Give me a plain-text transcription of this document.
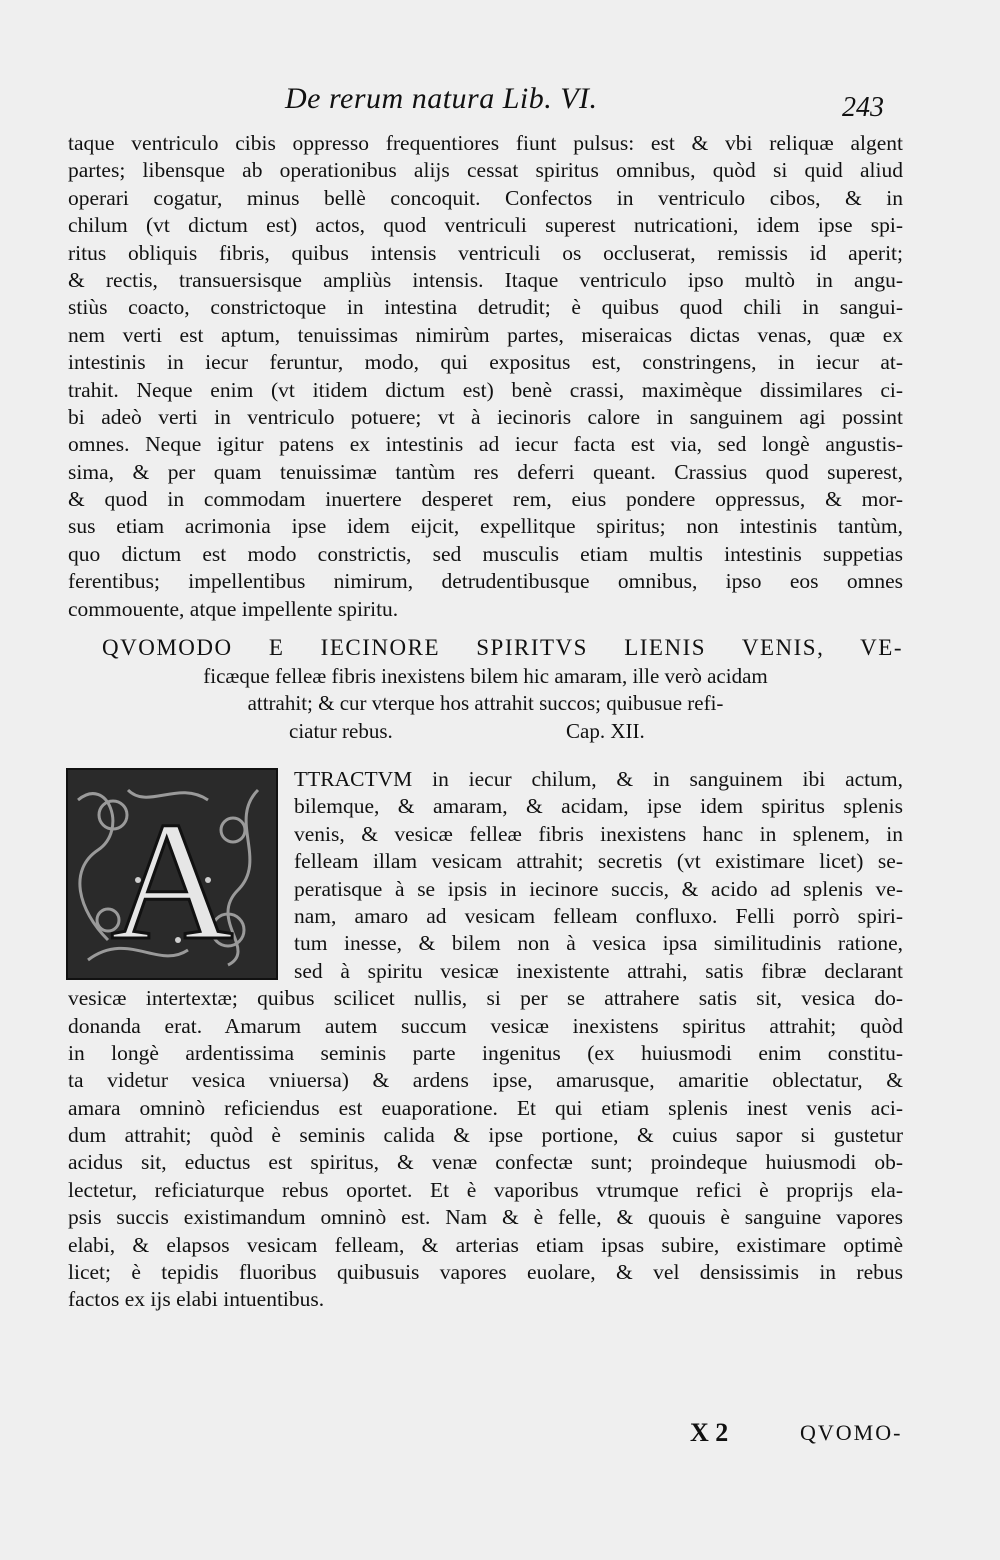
De rerum natura Lib. VI.	243
taque ventriculo cibis oppresso frequentiores fiunt pulsus: est & vbi reliquæ algent
partes; libensque ab operationibus alijs cessat spiritus omnibus, quòd si quid aliud
operari cogatur, minus bellè concoquit. Confectos in ventriculo cibos, & in
chilum (vt dictum est) actos, quod ventriculi superest nutricationi, idem ipse spi-
ritus obliquis fibris, quibus intensis ventriculi os occluserat, remissis id aperit;
& rectis, transuersisque ampliùs intensis. Itaque ventriculo ipso multò in angu-
stiùs coacto, constrictoque in intestina detrudit; è quibus quod chili in sangui-
nem verti est aptum, tenuissimas nimirùm partes, miseraicas dictas venas, quæ ex
intestinis in iecur feruntur, modo, qui expositus est, constringens, in iecur at-
trahit. Neque enim (vt itidem dictum est) benè crassi, maximèque dissimilares ci-
bi adeò verti in ventriculo potuere; vt à iecinoris calore in sanguinem agi possint
omnes. Neque igitur patens ex intestinis ad iecur facta est via, sed longè angustis-
sima, & per quam tenuissimæ tantùm res deferri queant. Crassius quod superest,
& quod in commodam inuertere desperet rem, eius pondere oppressus, & mor-
sus etiam acrimonia ipse idem eijcit, expellitque spiritus; non intestinis tantùm,
quo dictum est modo constrictis, sed musculis etiam multis intestinis suppetias
ferentibus; impellentibus nimirum, detrudentibusque omnibus, ipso eos omnes
commouente, atque impellente spiritu.
QVOMODO E IECINORE SPIRITVS LIENIS VENIS, VE-
ficæque felleæ fibris inexistens bilem hic amaram, ille verò acidam
attrahit; & cur vterque hos attrahit succos; quibusue refi-
ciatur rebus.	Cap. XII.
A
TTRACTVM in iecur chilum, & in sanguinem ibi actum,
bilemque, & amaram, & acidam, ipse idem spiritus splenis
venis, & vesicæ felleæ fibris inexistens hanc in splenem, in
felleam illam vesicam attrahit; secretis (vt existimare licet) se-
peratisque à se ipsis in iecinore succis, & acido ad splenis ve-
nam, amaro ad vesicam felleam confluxo. Felli porrò spiri-
tum inesse, & bilem non à vesica ipsa similitudinis ratione,
sed à spiritu vesicæ inexistente attrahi, satis fibræ declarant
vesicæ intertextæ; quibus scilicet nullis, si per se attrahere satis sit, vesica do-
donanda erat. Amarum autem succum vesicæ inexistens spiritus attrahit; quòd
in longè ardentissima seminis parte ingenitus (ex huiusmodi enim constitu-
ta videtur vesica vniuersa) & ardens ipse, amarusque, amaritie oblectatur, &
amara omninò reficiendus est euaporatione. Et qui etiam splenis inest venis aci-
dum attrahit; quòd è seminis calida & ipse portione, & cuius sapor si gustetur
acidus sit, eductus est spiritus, & venæ confectæ sunt; proindeque huiusmodi ob-
lectetur, reficiaturque rebus oportet. Et è vaporibus vtrumque refici è proprijs ela-
psis succis existimandum omninò est. Nam & è felle, & quouis è sanguine vapores
elabi, & elapsos vesicam felleam, & arterias etiam ipsas subire, existimare optimè
licet; è tepidis fluoribus quibusuis vapores euolare, & vel densissimis in rebus
factos ex ijs elabi intuentibus.
X 2	QVOMO-
